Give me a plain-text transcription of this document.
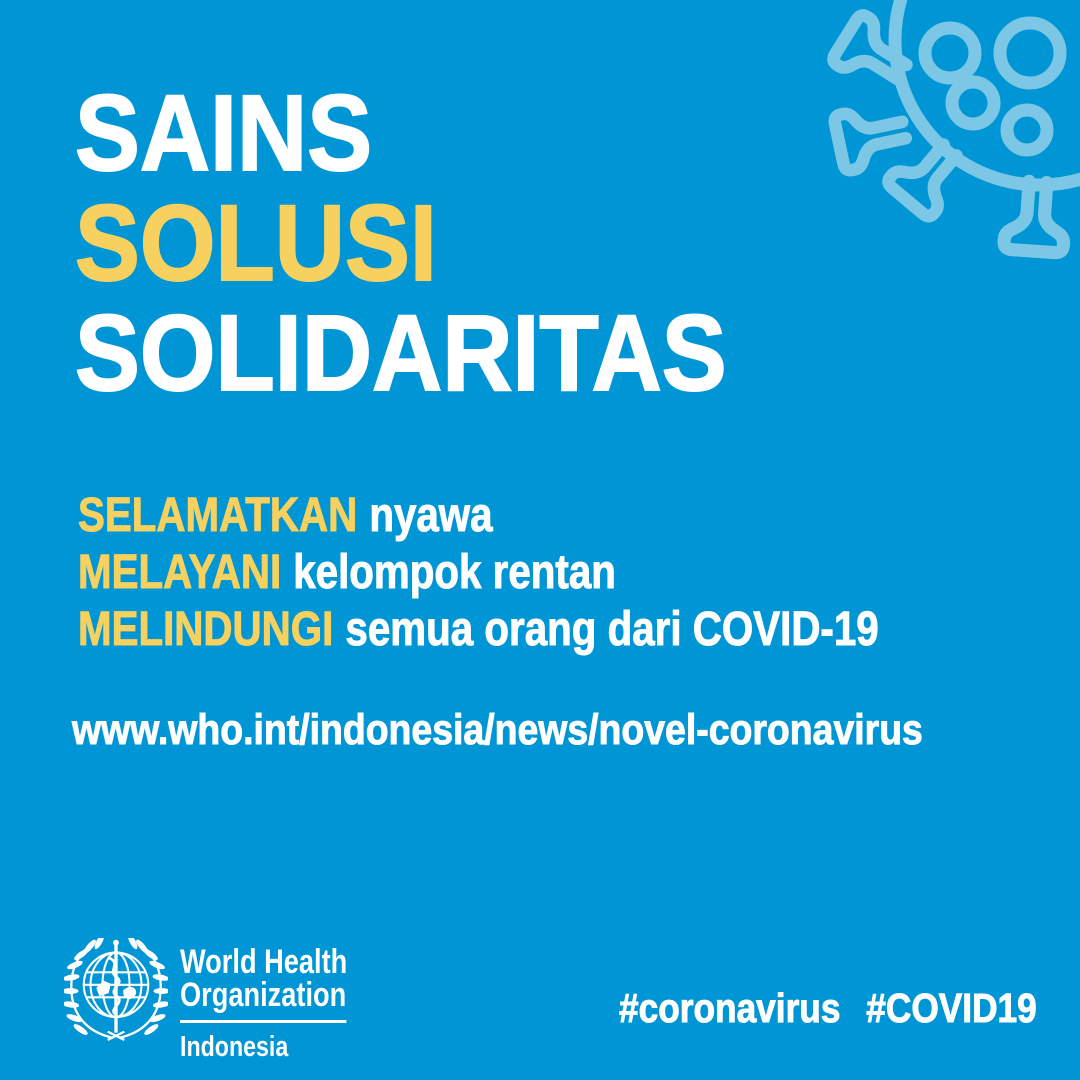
SAINS
SOLUSI
SOLIDARITAS
SELAMATKAN nyawa
MELAYANI kelompok rentan
MELINDUNGI semua orang dari COVID-19
www.who.int/indonesia/news/novel-coronavirus
World Health
Organization
Indonesia
#coronavirus #COVID19
